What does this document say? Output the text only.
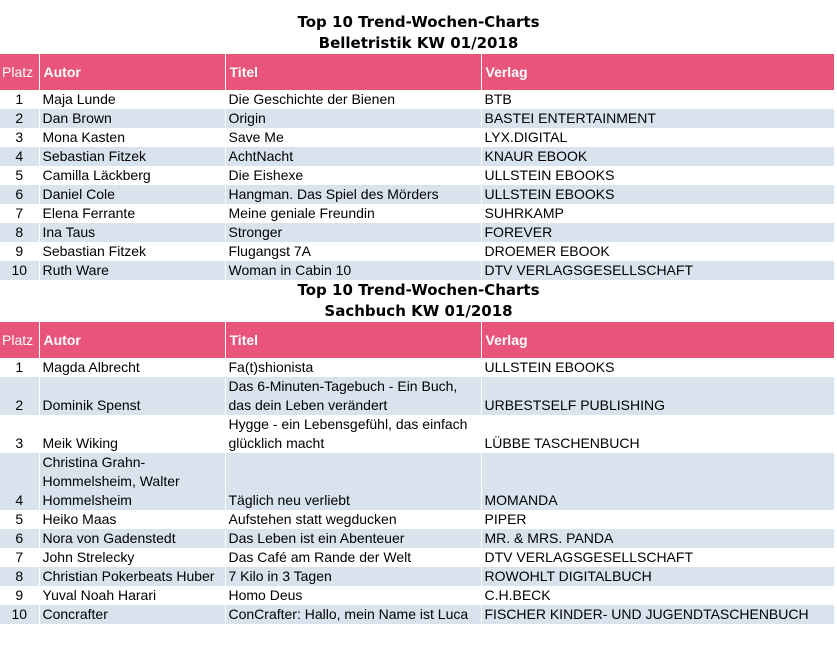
Top 10 Trend-Wochen-Charts
Belletristik KW 01/2018
Platz	Autor	Titel	Verlag
1	Maja Lunde	Die Geschichte der Bienen	BTB
2	Dan Brown	Origin	BASTEI ENTERTAINMENT
3	Mona Kasten	Save Me	LYX.DIGITAL
4	Sebastian Fitzek	AchtNacht	KNAUR EBOOK
5	Camilla Läckberg	Die Eishexe	ULLSTEIN EBOOKS
6	Daniel Cole	Hangman. Das Spiel des Mörders	ULLSTEIN EBOOKS
7	Elena Ferrante	Meine geniale Freundin	SUHRKAMP
8	Ina Taus	Stronger	FOREVER
9	Sebastian Fitzek	Flugangst 7A	DROEMER EBOOK
10	Ruth Ware	Woman in Cabin 10	DTV VERLAGSGESELLSCHAFT
Top 10 Trend-Wochen-Charts
Sachbuch KW 01/2018
Platz	Autor	Titel	Verlag
1	Magda Albrecht	Fa(t)shionista	ULLSTEIN EBOOKS
2	Dominik Spenst	Das 6-Minuten-Tagebuch - Ein Buch,
das dein Leben verändert	URBESTSELF PUBLISHING
3	Meik Wiking	Hygge - ein Lebensgefühl, das einfach
glücklich macht	LÜBBE TASCHENBUCH
4	Christina Grahn-
Hommelsheim, Walter
Hommelsheim	Täglich neu verliebt	MOMANDA
5	Heiko Maas	Aufstehen statt wegducken	PIPER
6	Nora von Gadenstedt	Das Leben ist ein Abenteuer	MR. & MRS. PANDA
7	John Strelecky	Das Café am Rande der Welt	DTV VERLAGSGESELLSCHAFT
8	Christian Pokerbeats Huber	7 Kilo in 3 Tagen	ROWOHLT DIGITALBUCH
9	Yuval Noah Harari	Homo Deus	C.H.BECK
10	Concrafter	ConCrafter: Hallo, mein Name ist Luca	FISCHER KINDER- UND JUGENDTASCHENBUCH
